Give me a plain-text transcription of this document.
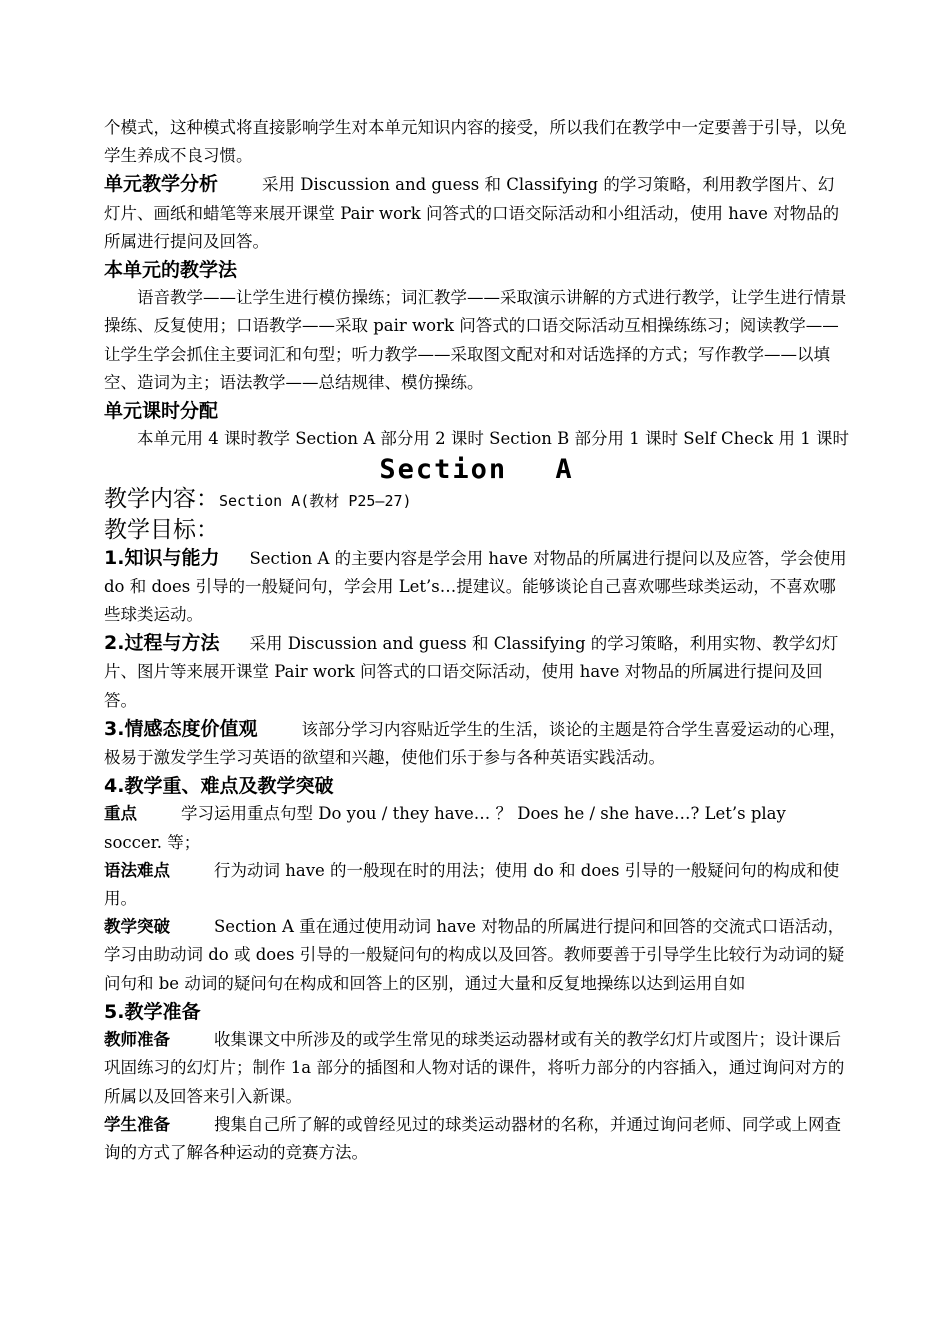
个模式，这种模式将直接影响学生对本单元知识内容的接受，所以我们在教学中一定要善于引导，以免学生养成不良习惯。

单元教学分析	采用 Discussion and guess 和 Classifying 的学习策略，利用教学图片、幻灯片、画纸和蜡笔等来展开课堂 Pair work 问答式的口语交际活动和小组活动，使用 have 对物品的所属进行提问及回答。

本单元的教学法

语音教学——让学生进行模仿操练；词汇教学——采取演示讲解的方式进行教学，让学生进行情景操练、反复使用；口语教学——采取 pair work 问答式的口语交际活动互相操练练习；阅读教学——让学生学会抓住主要词汇和句型；听力教学——采取图文配对和对话选择的方式；写作教学——以填空、造词为主；语法教学——总结规律、模仿操练。

单元课时分配

本单元用 4 课时教学 Section A 部分用 2 课时 Section B 部分用 1 课时 Self Check 用 1 课时

Section A

教学内容：Section A(教材 P25—27)

教学目标：

1.知识与能力 Section A 的主要内容是学会用 have 对物品的所属进行提问以及应答，学会使用 do 和 does 引导的一般疑问句，学会用 Let’s…提建议。能够谈论自己喜欢哪些球类运动，不喜欢哪些球类运动。

2.过程与方法 采用 Discussion and guess 和 Classifying 的学习策略，利用实物、教学幻灯片、图片等来展开课堂 Pair work 问答式的口语交际活动，使用 have 对物品的所属进行提问及回答。

3.情感态度价值观	该部分学习内容贴近学生的生活，谈论的主题是符合学生喜爱运动的心理，极易于激发学生学习英语的欲望和兴趣，使他们乐于参与各种英语实践活动。

4.教学重、难点及教学突破

重点	学习运用重点句型 Do you / they have… ？ Does he / she have…? Let’s play soccer. 等；

语法难点	行为动词 have 的一般现在时的用法；使用 do 和 does 引导的一般疑问句的构成和使用。

教学突破	Section A 重在通过使用动词 have 对物品的所属进行提问和回答的交流式口语活动，学习由助动词 do 或 does 引导的一般疑问句的构成以及回答。教师要善于引导学生比较行为动词的疑问句和 be 动词的疑问句在构成和回答上的区别，通过大量和反复地操练以达到运用自如

5.教学准备

教师准备	收集课文中所涉及的或学生常见的球类运动器材或有关的教学幻灯片或图片；设计课后巩固练习的幻灯片；制作 1a 部分的插图和人物对话的课件，将听力部分的内容插入，通过询问对方的所属以及回答来引入新课。

学生准备	搜集自己所了解的或曾经见过的球类运动器材的名称，并通过询问老师、同学或上网查询的方式了解各种运动的竞赛方法。
